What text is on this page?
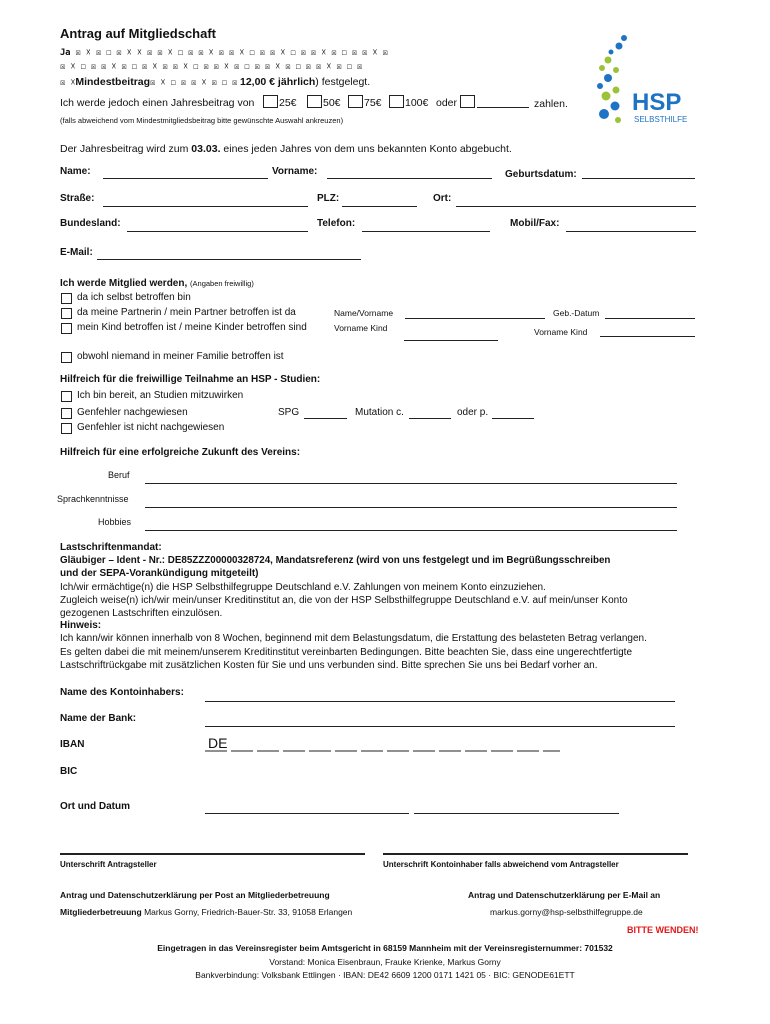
Antrag auf Mitgliedschaft
Ja ☒ ☓ ☒ ☐ ☒ ☓ ☓ ☒ ☒ ☓ ☐ ☒ ☒ ☓ ☒ ☒ ☓ ☐ ☒ ☒ ☓ ☐ ☒ ☒ ☓ ☒ ☐ ☒ ☒ ☓ ☒
☒ ☓ ☐ ☒ ☒ ☓ ☒ ☐ ☒ ☓ ☒ ☒ ☓ ☐ ☒ ☒ ☓ ☒ ☐ ☒ ☒ ☓ ☒ ☐ ☒ ☒ ☓ ☒ ☐ ☒
☒ ☓Mindestbeitrag☒ ☓ ☐ ☒ ☒ ☓ ☒ ☐ ☒ 12,00 € jährlich) festgelegt.
Ich werde jedoch einen Jahresbeitrag von 25€	50€ 75€ 100€ oder	zahlen.
(falls abweichend vom Mindestmitgliedsbeitrag bitte gewünschte Auswahl ankreuzen)
HSP
SELBSTHILFE
Der Jahresbeitrag wird zum 03.03. eines jeden Jahres von dem uns bekannten Konto abgebucht.
Name:	Vorname:	Geburtsdatum:
Straße:	PLZ:	Ort:
Bundesland:	Telefon:	Mobil/Fax:
E-Mail:
Ich werde Mitglied werden, (Angaben freiwillig)
da ich selbst betroffen bin
da meine Partnerin / mein Partner betroffen ist da
mein Kind betroffen ist / meine Kinder betroffen sind
Name/Vorname	Geb.-Datum
Vorname Kind	Vorname Kind
obwohl niemand in meiner Familie betroffen ist
Hilfreich für die freiwillige Teilnahme an HSP - Studien:
Ich bin bereit, an Studien mitzuwirken
Genfehler nachgewiesen
Genfehler ist nicht nachgewiesen
SPG	Mutation c.	oder p.
Hilfreich für eine erfolgreiche Zukunft des Vereins:
Beruf
Sprachkenntnisse
Hobbies
Lastschriftenmandat:
Gläubiger – Ident - Nr.: DE85ZZZ00000328724, Mandatsreferenz (wird von uns festgelegt und im Begrüßungsschreiben
und der SEPA-Vorankündigung mitgeteilt)
Ich/wir ermächtige(n) die HSP Selbsthilfegruppe Deutschland e.V. Zahlungen von meinem Konto einzuziehen.
Zugleich weise(n) ich/wir mein/unser Kreditinstitut an, die von der HSP Selbsthilfegruppe Deutschland e.V. auf mein/unser Konto
gezogenen Lastschriften einzulösen.
Hinweis:
Ich kann/wir können innerhalb von 8 Wochen, beginnend mit dem Belastungsdatum, die Erstattung des belasteten Betrag verlangen.
Es gelten dabei die mit meinem/unserem Kreditinstitut vereinbarten Bedingungen. Bitte beachten Sie, dass eine ungerechtfertigte
Lastschriftrückgabe mit zusätzlichen Kosten für Sie und uns verbunden sind. Bitte sprechen Sie uns bei Bedarf vorher an.
Name des Kontoinhabers:
Name der Bank:
IBAN	DE
BIC
Ort und Datum
Unterschrift Antragsteller	Unterschrift Kontoinhaber falls abweichend vom Antragsteller
Antrag und Datenschutzerklärung per Post an Mitgliederbetreuung
Mitgliederbetreuung Markus Gorny, Friedrich-Bauer-Str. 33, 91058 Erlangen
Antrag und Datenschutzerklärung per E-Mail an
markus.gorny@hsp-selbsthilfegruppe.de
BITTE WENDEN!
Eingetragen in das Vereinsregister beim Amtsgericht in 68159 Mannheim mit der Vereinsregisternummer: 701532
Vorstand: Monica Eisenbraun, Frauke Krienke, Markus Gorny
Bankverbindung: Volksbank Ettlingen · IBAN: DE42 6609 1200 0171 1421 05 · BIC: GENODE61ETT
